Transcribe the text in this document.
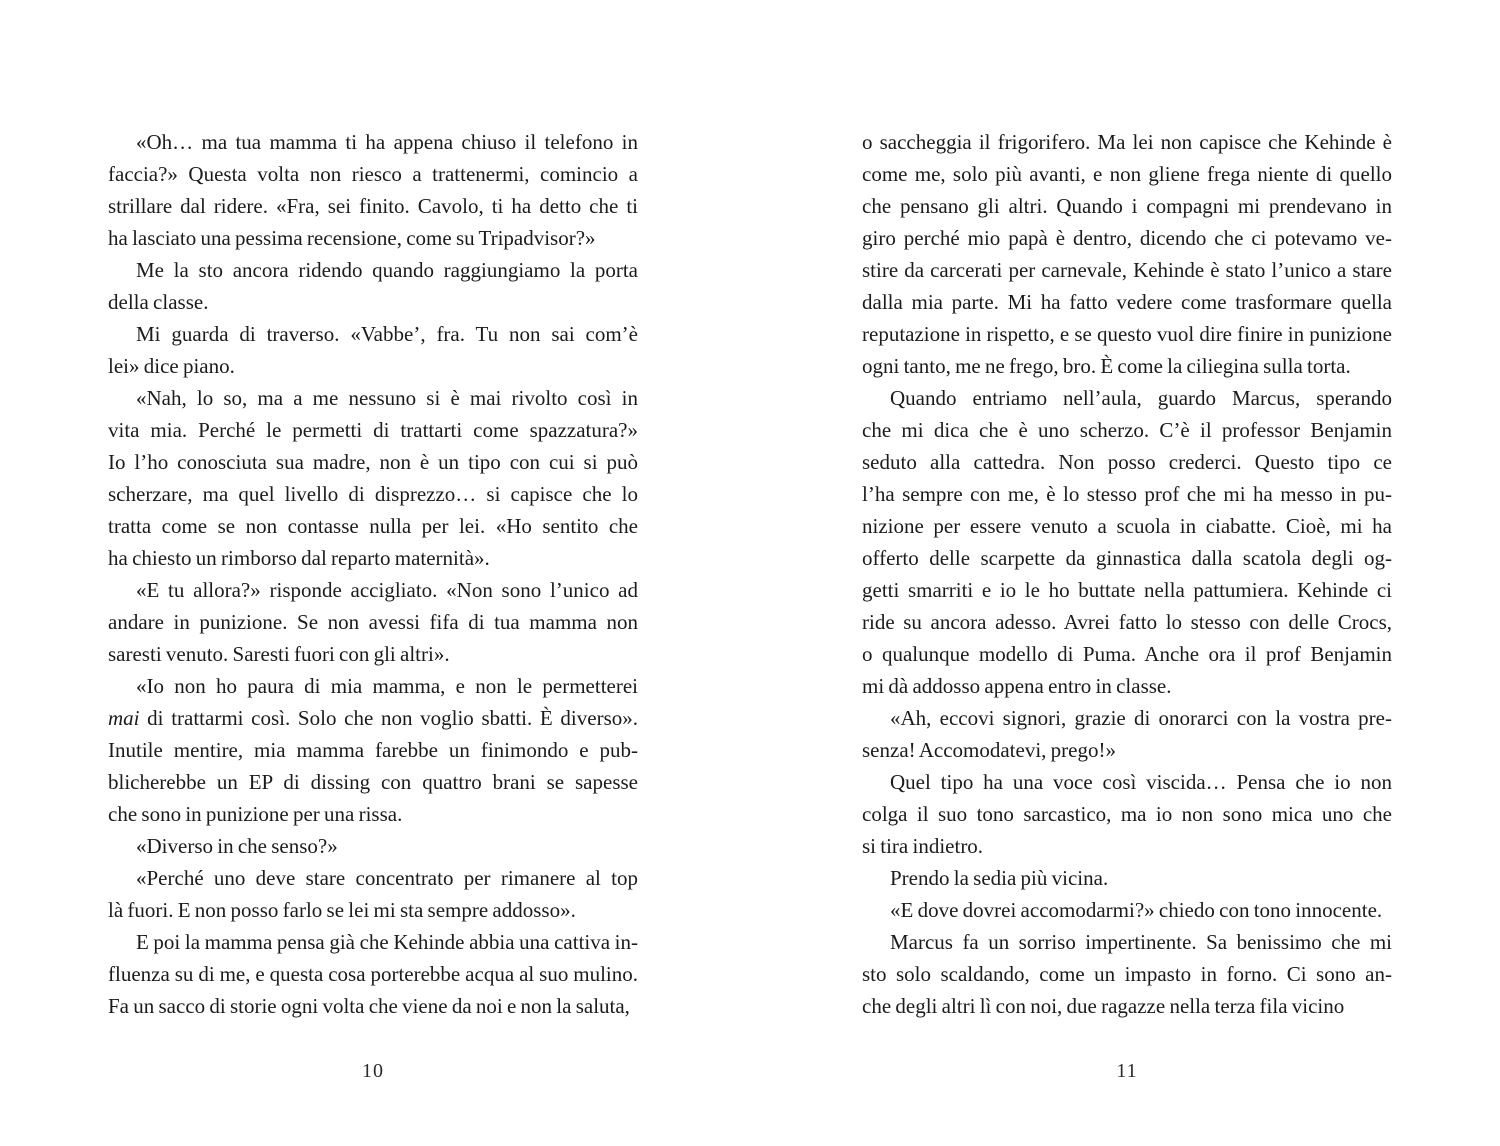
«Oh… ma tua mamma ti ha appena chiuso il telefono in
faccia?» Questa volta non riesco a trattenermi, comincio a
strillare dal ridere. «Fra, sei finito. Cavolo, ti ha detto che ti
ha lasciato una pessima recensione, come su Tripadvisor?»
Me la sto ancora ridendo quando raggiungiamo la porta
della classe.
Mi guarda di traverso. «Vabbe’, fra. Tu non sai com’è
lei» dice piano.
«Nah, lo so, ma a me nessuno si è mai rivolto così in
vita mia. Perché le permetti di trattarti come spazzatura?»
Io l’ho conosciuta sua madre, non è un tipo con cui si può
scherzare, ma quel livello di disprezzo… si capisce che lo
tratta come se non contasse nulla per lei. «Ho sentito che
ha chiesto un rimborso dal reparto maternità».
«E tu allora?» risponde accigliato. «Non sono l’unico ad
andare in punizione. Se non avessi fifa di tua mamma non
saresti venuto. Saresti fuori con gli altri».
«Io non ho paura di mia mamma, e non le permetterei
mai di trattarmi così. Solo che non voglio sbatti. È diverso».
Inutile mentire, mia mamma farebbe un finimondo e pub-
blicherebbe un EP di dissing con quattro brani se sapesse
che sono in punizione per una rissa.
«Diverso in che senso?»
«Perché uno deve stare concentrato per rimanere al top
là fuori. E non posso farlo se lei mi sta sempre addosso».
E poi la mamma pensa già che Kehinde abbia una cattiva in-
fluenza su di me, e questa cosa porterebbe acqua al suo mulino.
Fa un sacco di storie ogni volta che viene da noi e non la saluta,
10
o saccheggia il frigorifero. Ma lei non capisce che Kehinde è
come me, solo più avanti, e non gliene frega niente di quello
che pensano gli altri. Quando i compagni mi prendevano in
giro perché mio papà è dentro, dicendo che ci potevamo ve-
stire da carcerati per carnevale, Kehinde è stato l’unico a stare
dalla mia parte. Mi ha fatto vedere come trasformare quella
reputazione in rispetto, e se questo vuol dire finire in punizione
ogni tanto, me ne frego, bro. È come la ciliegina sulla torta.
Quando entriamo nell’aula, guardo Marcus, sperando
che mi dica che è uno scherzo. C’è il professor Benjamin
seduto alla cattedra. Non posso crederci. Questo tipo ce
l’ha sempre con me, è lo stesso prof che mi ha messo in pu-
nizione per essere venuto a scuola in ciabatte. Cioè, mi ha
offerto delle scarpette da ginnastica dalla scatola degli og-
getti smarriti e io le ho buttate nella pattumiera. Kehinde ci
ride su ancora adesso. Avrei fatto lo stesso con delle Crocs,
o qualunque modello di Puma. Anche ora il prof Benjamin
mi dà addosso appena entro in classe.
«Ah, eccovi signori, grazie di onorarci con la vostra pre-
senza! Accomodatevi, prego!»
Quel tipo ha una voce così viscida… Pensa che io non
colga il suo tono sarcastico, ma io non sono mica uno che
si tira indietro.
Prendo la sedia più vicina.
«E dove dovrei accomodarmi?» chiedo con tono innocente.
Marcus fa un sorriso impertinente. Sa benissimo che mi
sto solo scaldando, come un impasto in forno. Ci sono an-
che degli altri lì con noi, due ragazze nella terza fila vicino
11
